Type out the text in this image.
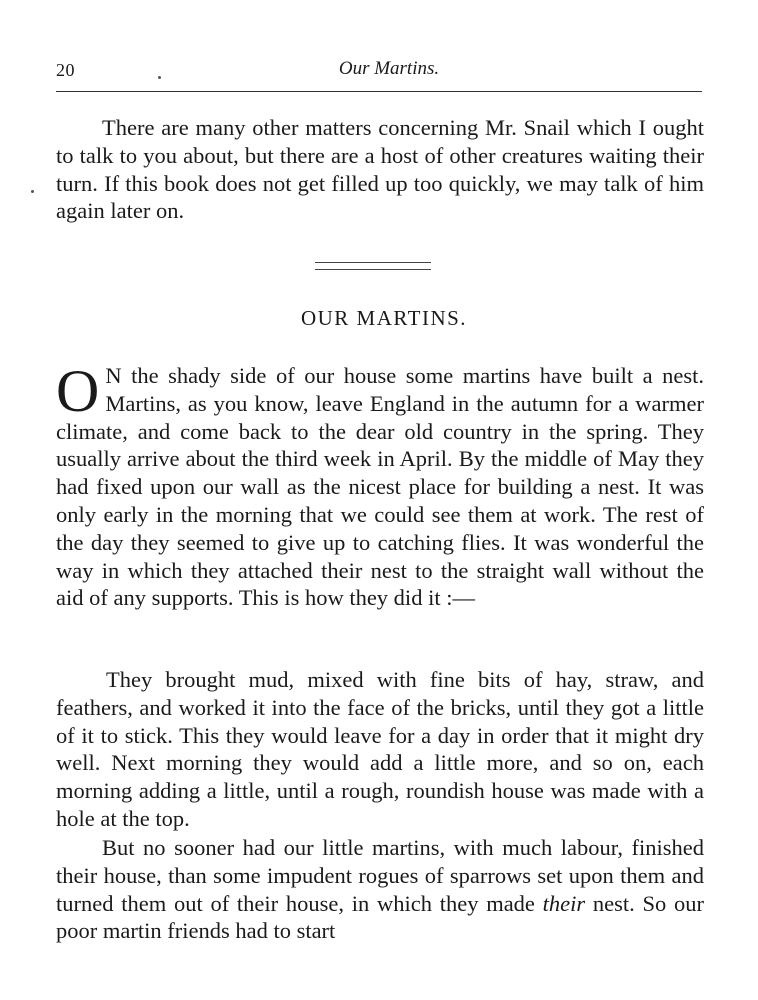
20	Our Martins.

There are many other matters concerning Mr. Snail which I ought to talk to you about, but there are a host of other creatures waiting their turn. If this book does not get filled up too quickly, we may talk of him again later on.

OUR MARTINS.

O N the shady side of our house some martins have built a nest. Martins, as you know, leave England in the autumn for a warmer climate, and come back to the dear old country in the spring. They usually arrive about the third week in April. By the middle of May they had fixed upon our wall as the nicest place for building a nest. It was only early in the morning that we could see them at work. The rest of the day they seemed to give up to catching flies. It was wonderful the way in which they attached their nest to the straight wall without the aid of any supports. This is how they did it :—

They brought mud, mixed with fine bits of hay, straw, and feathers, and worked it into the face of the bricks, until they got a little of it to stick. This they would leave for a day in order that it might dry well. Next morning they would add a little more, and so on, each morning adding a little, until a rough, roundish house was made with a hole at the top.

But no sooner had our little martins, with much labour, finished their house, than some impudent rogues of sparrows set upon them and turned them out of their house, in which they made their nest. So our poor martin friends had to start
